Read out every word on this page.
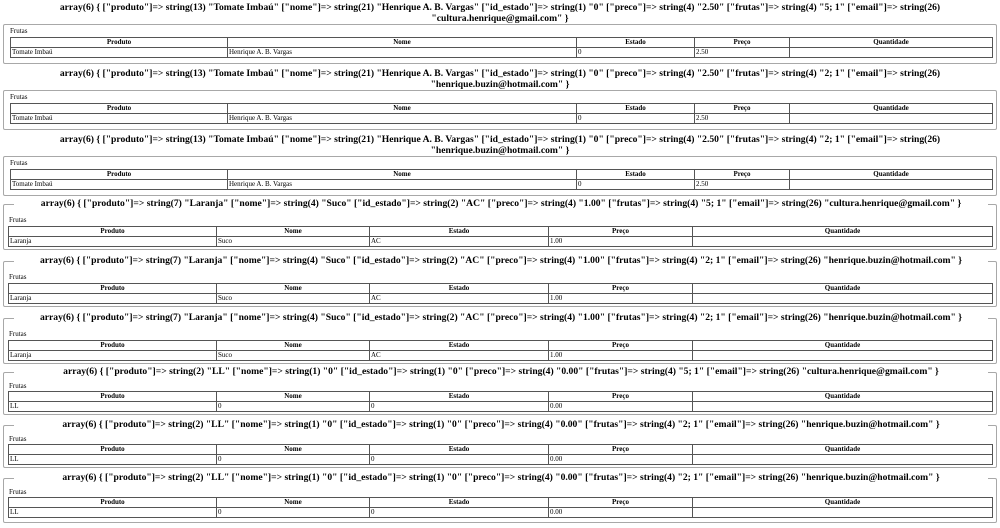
array(6) { ["produto"]=> string(13) "Tomate Imbaú" ["nome"]=> string(21) "Henrique A. B. Vargas" ["id_estado"]=> string(1) "0" ["preco"]=> string(4) "2.50" ["frutas"]=> string(4) "5; 1" ["email"]=> string(26)
"cultura.henrique@gmail.com" }
Frutas
Produto	Nome	Estado	Preço	Quantidade
Tomate Imbaú	Henrique A. B. Vargas	0	2.50	
array(6) { ["produto"]=> string(13) "Tomate Imbaú" ["nome"]=> string(21) "Henrique A. B. Vargas" ["id_estado"]=> string(1) "0" ["preco"]=> string(4) "2.50" ["frutas"]=> string(4) "2; 1" ["email"]=> string(26)
"henrique.buzin@hotmail.com" }
Frutas
Produto	Nome	Estado	Preço	Quantidade
Tomate Imbaú	Henrique A. B. Vargas	0	2.50	
array(6) { ["produto"]=> string(13) "Tomate Imbaú" ["nome"]=> string(21) "Henrique A. B. Vargas" ["id_estado"]=> string(1) "0" ["preco"]=> string(4) "2.50" ["frutas"]=> string(4) "2; 1" ["email"]=> string(26)
"henrique.buzin@hotmail.com" }
Frutas
Produto	Nome	Estado	Preço	Quantidade
Tomate Imbaú	Henrique A. B. Vargas	0	2.50	
array(6) { ["produto"]=> string(7) "Laranja" ["nome"]=> string(4) "Suco" ["id_estado"]=> string(2) "AC" ["preco"]=> string(4) "1.00" ["frutas"]=> string(4) "5; 1" ["email"]=> string(26) "cultura.henrique@gmail.com" }
Frutas
Produto	Nome	Estado	Preço	Quantidade
Laranja	Suco	AC	1.00	
array(6) { ["produto"]=> string(7) "Laranja" ["nome"]=> string(4) "Suco" ["id_estado"]=> string(2) "AC" ["preco"]=> string(4) "1.00" ["frutas"]=> string(4) "2; 1" ["email"]=> string(26) "henrique.buzin@hotmail.com" }
Frutas
Produto	Nome	Estado	Preço	Quantidade
Laranja	Suco	AC	1.00	
array(6) { ["produto"]=> string(7) "Laranja" ["nome"]=> string(4) "Suco" ["id_estado"]=> string(2) "AC" ["preco"]=> string(4) "1.00" ["frutas"]=> string(4) "2; 1" ["email"]=> string(26) "henrique.buzin@hotmail.com" }
Frutas
Produto	Nome	Estado	Preço	Quantidade
Laranja	Suco	AC	1.00	
array(6) { ["produto"]=> string(2) "LL" ["nome"]=> string(1) "0" ["id_estado"]=> string(1) "0" ["preco"]=> string(4) "0.00" ["frutas"]=> string(4) "5; 1" ["email"]=> string(26) "cultura.henrique@gmail.com" }
Frutas
Produto	Nome	Estado	Preço	Quantidade
LL	0	0	0.00	
array(6) { ["produto"]=> string(2) "LL" ["nome"]=> string(1) "0" ["id_estado"]=> string(1) "0" ["preco"]=> string(4) "0.00" ["frutas"]=> string(4) "2; 1" ["email"]=> string(26) "henrique.buzin@hotmail.com" }
Frutas
Produto	Nome	Estado	Preço	Quantidade
LL	0	0	0.00	
array(6) { ["produto"]=> string(2) "LL" ["nome"]=> string(1) "0" ["id_estado"]=> string(1) "0" ["preco"]=> string(4) "0.00" ["frutas"]=> string(4) "2; 1" ["email"]=> string(26) "henrique.buzin@hotmail.com" }
Frutas
Produto	Nome	Estado	Preço	Quantidade
LL	0	0	0.00	
